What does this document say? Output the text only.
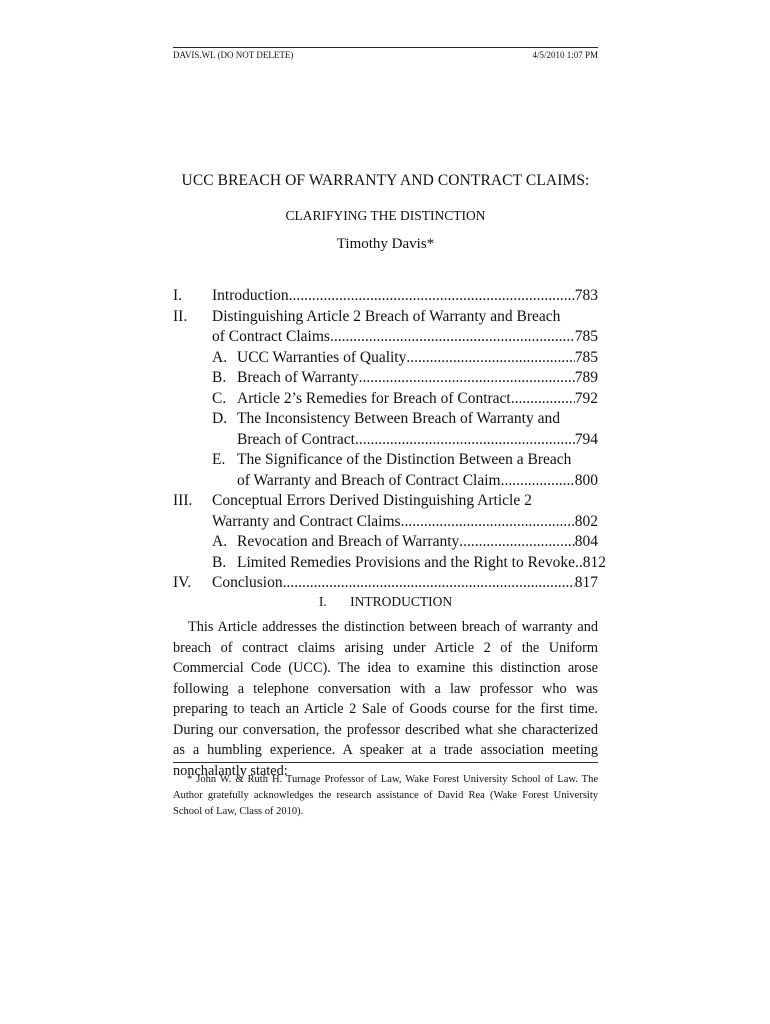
DAVIS.WL (DO NOT DELETE)	4/5/2010 1:07 PM
UCC BREACH OF WARRANTY AND CONTRACT CLAIMS:
CLARIFYING THE DISTINCTION
Timothy Davis*
I.	Introduction .....	783
II.	Distinguishing Article 2 Breach of Warranty and Breach
of Contract Claims .....	785
A. UCC Warranties of Quality .....	785
B. Breach of Warranty .....	789
C. Article 2’s Remedies for Breach of Contract .....	792
D. The Inconsistency Between Breach of Warranty and
Breach of Contract .....	794
E. The Significance of the Distinction Between a Breach
of Warranty and Breach of Contract Claim .....	800
III.	Conceptual Errors Derived Distinguishing Article 2
Warranty and Contract Claims .....	802
A. Revocation and Breach of Warranty .....	804
B. Limited Remedies Provisions and the Right to Revoke.. 812
IV.	Conclusion .....	817
I. INTRODUCTION
This Article addresses the distinction between breach of warranty and breach of contract claims arising under Article 2 of the Uniform Commercial Code (UCC). The idea to examine this distinction arose following a telephone conversation with a law professor who was preparing to teach an Article 2 Sale of Goods course for the first time. During our conversation, the professor described what she characterized as a humbling experience. A speaker at a trade association meeting nonchalantly stated:
* John W. & Ruth H. Turnage Professor of Law, Wake Forest University School of Law. The Author gratefully acknowledges the research assistance of David Rea (Wake Forest University School of Law, Class of 2010).
